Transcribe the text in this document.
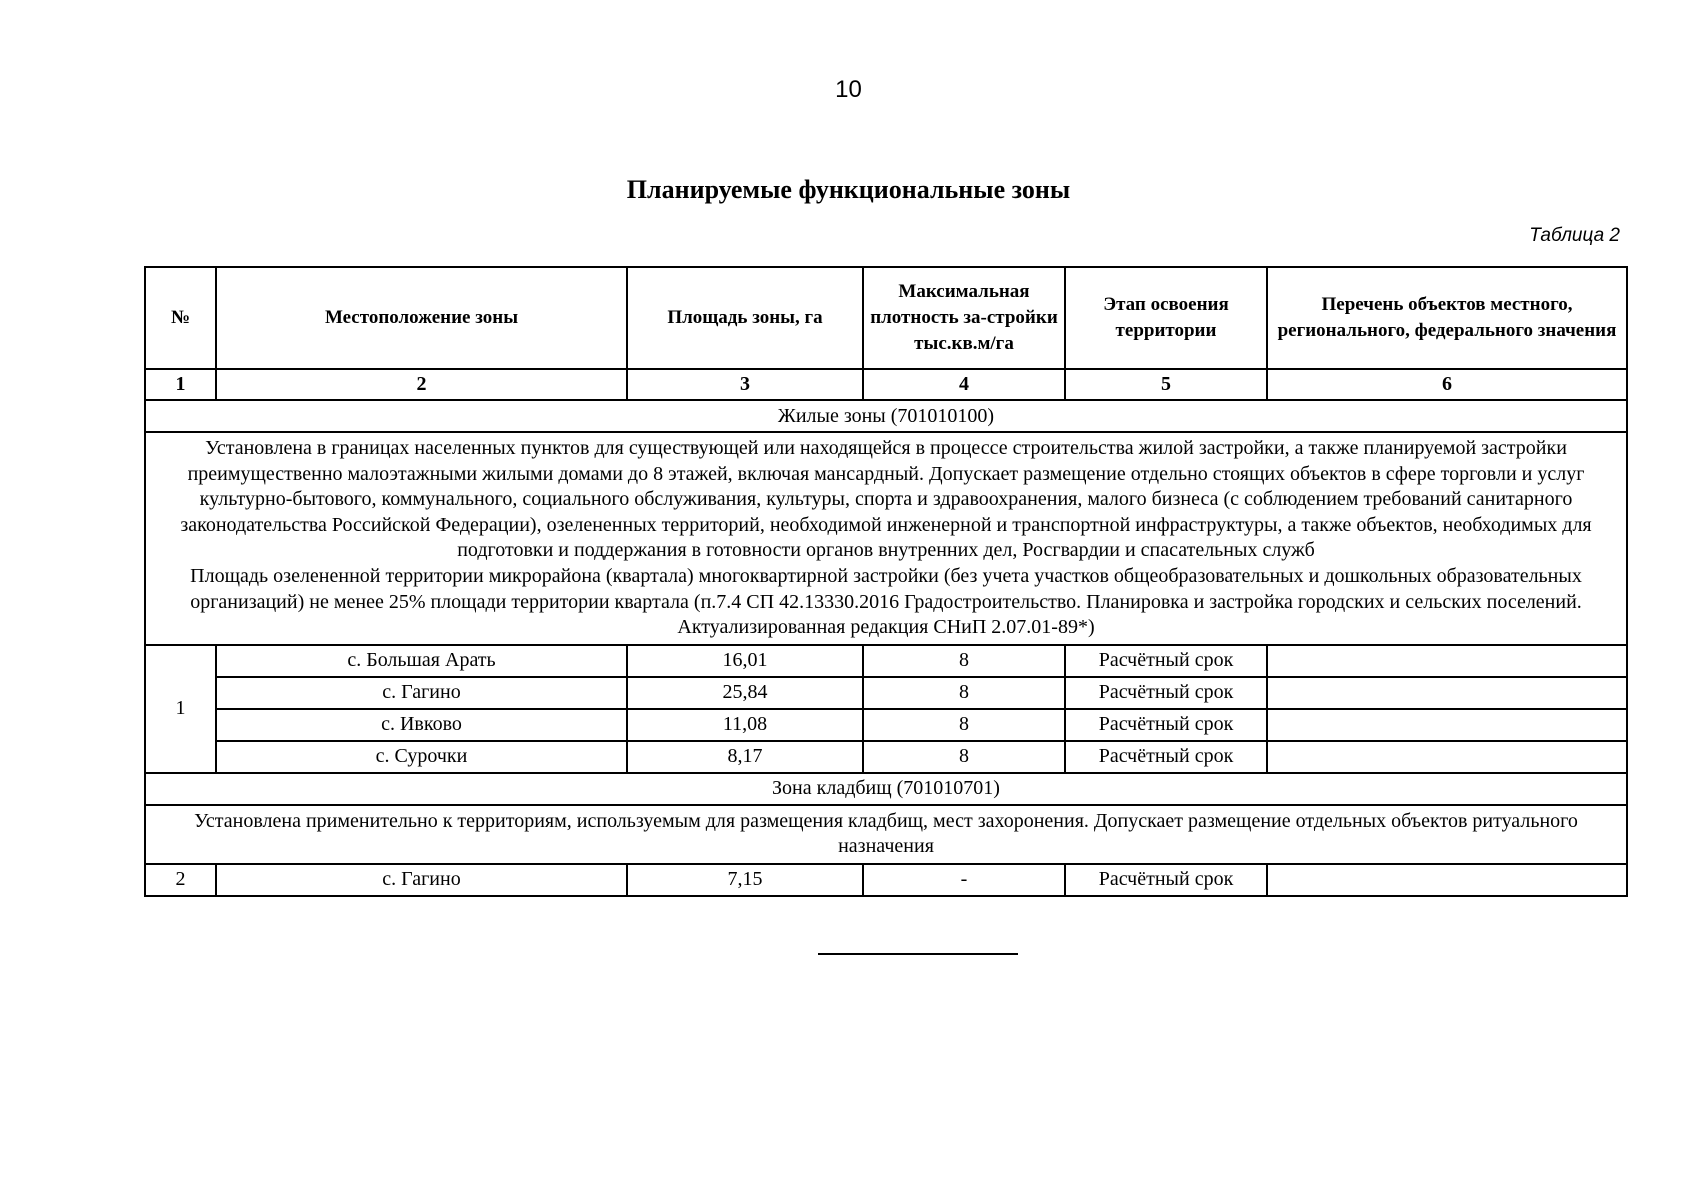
10
Планируемые функциональные зоны
Таблица 2
№	Местоположение зоны	Площадь зоны, га	Максимальная плотность за-стройки тыс.кв.м/га	Этап освоения территории	Перечень объектов местного, регионального, федерального значения
1	2	3	4	5	6
Жилые зоны (701010100)					

Установлена в границах населенных пунктов для существующей или находящейся в процессе строительства жилой застройки, а также планируемой застройки преимущественно малоэтажными жилыми домами до 8 этажей, включая мансардный. Допускает размещение отдельно стоящих объектов в сфере торговли и услуг культурно-бытового, коммунального, социального обслуживания, культуры, спорта и здравоохранения, малого бизнеса (с соблюдением требований санитарного законодательства Российской Федерации), озелененных территорий, необходимой инженерной и транспортной инфраструктуры, а также объектов, необходимых для подготовки и поддержания в готовности органов внутренних дел, Росгвардии и спасательных служб
Площадь озелененной территории микрорайона (квартала) многоквартирной застройки (без учета участков общеобразовательных и дошкольных образовательных организаций) не менее 25% площади территории квартала (п.7.4 СП 42.13330.2016 Градостроительство. Планировка и застройка городских и сельских поселений. Актуализированная редакция СНиП 2.07.01-89*)					

1	с. Большая Арать	16,01	8	Расчётный срок	
	с. Гагино	25,84	8	Расчётный срок	
	с. Ивково	11,08	8	Расчётный срок	
	с. Сурочки	8,17	8	Расчётный срок	
Зона кладбищ (701010701)					
Установлена применительно к территориям, используемым для размещения кладбищ, мест захоронения. Допускает размещение отдельных объектов ритуального назначения					
2	с. Гагино	7,15	-	Расчётный срок	
